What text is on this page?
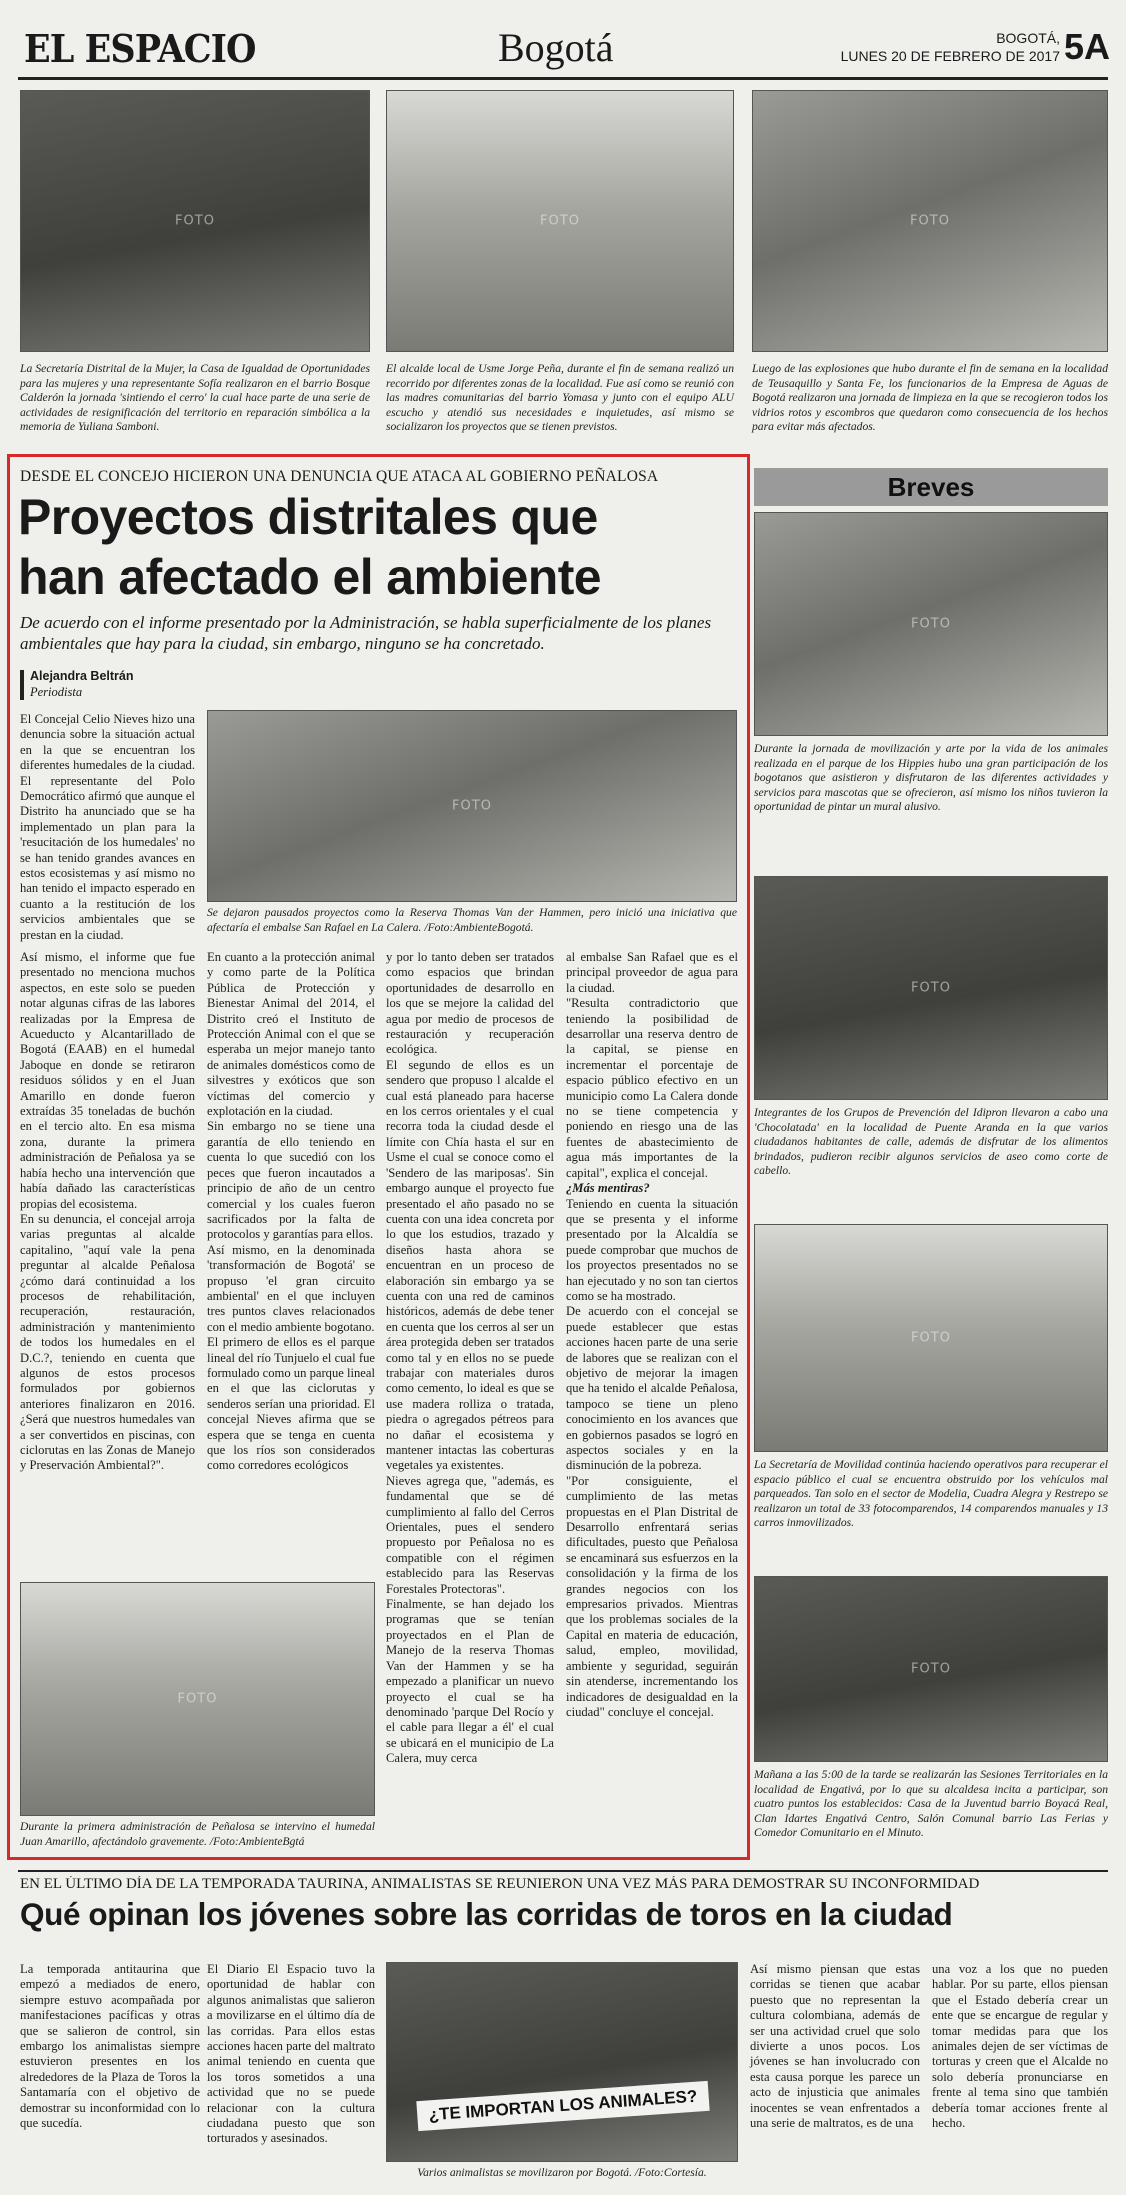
EL ESPACIO	Bogotá	BOGOTÁ,
LUNES 20 DE FEBRERO DE 2017 5A
FOTO	FOTO	FOTO
La Secretaría Distrital de la Mujer, la Casa de Igualdad de Oportunidades para las mujeres y una representante Sofía realizaron en el barrio Bosque Calderón la jornada 'sintiendo el cerro' la cual hace parte de una serie de actividades de resignificación del territorio en reparación simbólica a la memoria de Yuliana Samboni.
El alcalde local de Usme Jorge Peña, durante el fin de semana realizó un recorrido por diferentes zonas de la localidad. Fue así como se reunió con las madres comunitarias del barrio Yomasa y junto con el equipo ALU escucho y atendió sus necesidades e inquietudes, así mismo se socializaron los proyectos que se tienen previstos.
Luego de las explosiones que hubo durante el fin de semana en la localidad de Teusaquillo y Santa Fe, los funcionarios de la Empresa de Aguas de Bogotá realizaron una jornada de limpieza en la que se recogieron todos los vidrios rotos y escombros que quedaron como consecuencia de los hechos para evitar más afectados.
DESDE EL CONCEJO HICIERON UNA DENUNCIA QUE ATACA AL GOBIERNO PEÑALOSA
Proyectos distritales que
han afectado el ambiente
De acuerdo con el informe presentado por la Administración, se habla superficialmente de los planes ambientales que hay para la ciudad, sin embargo, ninguno se ha concretado.
Alejandra Beltrán
Periodista

El Concejal Celio Nieves hizo una denuncia sobre la situación actual en la que se encuentran los diferentes humedales de la ciudad. El representante del Polo Democrático afirmó que aunque el Distrito ha anunciado que se ha implementado un plan para la 'resucitación de los humedales' no se han tenido grandes avances en estos ecosistemas y así mismo no han tenido el impacto esperado en cuanto a la restitución de los servicios ambientales que se prestan en la ciudad.

FOTO
Se dejaron pausados proyectos como la Reserva Thomas Van der Hammen, pero inició una iniciativa que afectaría el embalse San Rafael en La Calera. /Foto:AmbienteBogotá.

Así mismo, el informe que fue presentado no menciona muchos aspectos, en este solo se pueden notar algunas cifras de las labores realizadas por la Empresa de Acueducto y Alcantarillado de Bogotá (EAAB) en el humedal Jaboque en donde se retiraron residuos sólidos y en el Juan Amarillo en donde fueron extraídas 35 toneladas de buchón en el tercio alto. En esa misma zona, durante la primera administración de Peñalosa ya se había hecho una intervención que había dañado las características propias del ecosistema.

En su denuncia, el concejal arroja varias preguntas al alcalde capitalino, "aquí vale la pena preguntar al alcalde Peñalosa ¿cómo dará continuidad a los procesos de rehabilitación, recuperación, restauración, administración y mantenimiento de todos los humedales en el D.C.?, teniendo en cuenta que algunos de estos procesos formulados por gobiernos anteriores finalizaron en 2016. ¿Será que nuestros humedales van a ser convertidos en piscinas, con ciclorutas en las Zonas de Manejo y Preservación Ambiental?".

En cuanto a la protección animal y como parte de la Política Pública de Protección y Bienestar Animal del 2014, el Distrito creó el Instituto de Protección Animal con el que se esperaba un mejor manejo tanto de animales domésticos como de silvestres y exóticos que son víctimas del comercio y explotación en la ciudad.

Sin embargo no se tiene una garantía de ello teniendo en cuenta lo que sucedió con los peces que fueron incautados a principio de año de un centro comercial y los cuales fueron sacrificados por la falta de protocolos y garantías para ellos.

Así mismo, en la denominada 'transformación de Bogotá' se propuso 'el gran circuito ambiental' en el que incluyen tres puntos claves relacionados con el medio ambiente bogotano.

El primero de ellos es el parque lineal del río Tunjuelo el cual fue formulado como un parque lineal en el que las ciclorutas y senderos serían una prioridad. El concejal Nieves afirma que se espera que se tenga en cuenta que los ríos son considerados como corredores ecológicos

y por lo tanto deben ser tratados como espacios que brindan oportunidades de desarrollo en los que se mejore la calidad del agua por medio de procesos de restauración y recuperación ecológica.

El segundo de ellos es un sendero que propuso l alcalde el cual está planeado para hacerse en los cerros orientales y el cual recorra toda la ciudad desde el límite con Chía hasta el sur en Usme el cual se conoce como el 'Sendero de las mariposas'. Sin embargo aunque el proyecto fue presentado el año pasado no se cuenta con una idea concreta por lo que los estudios, trazado y diseños hasta ahora se encuentran en un proceso de elaboración sin embargo ya se cuenta con una red de caminos históricos, además de debe tener en cuenta que los cerros al ser un área protegida deben ser tratados como tal y en ellos no se puede trabajar con materiales duros como cemento, lo ideal es que se use madera rolliza o tratada, piedra o agregados pétreos para no dañar el ecosistema y mantener intactas las coberturas vegetales ya existentes.

Nieves agrega que, "además, es fundamental que se dé cumplimiento al fallo del Cerros Orientales, pues el sendero propuesto por Peñalosa no es compatible con el régimen establecido para las Reservas Forestales Protectoras".

Finalmente, se han dejado los programas que se tenían proyectados en el Plan de Manejo de la reserva Thomas Van der Hammen y se ha empezado a planificar un nuevo proyecto el cual se ha denominado 'parque Del Rocío y el cable para llegar a él' el cual se ubicará en el municipio de La Calera, muy cerca

al embalse San Rafael que es el principal proveedor de agua para la ciudad.

"Resulta contradictorio que teniendo la posibilidad de desarrollar una reserva dentro de la capital, se piense en incrementar el porcentaje de espacio público efectivo en un municipio como La Calera donde no se tiene competencia y poniendo en riesgo una de las fuentes de abastecimiento de agua más importantes de la capital", explica el concejal.

¿Más mentiras?

Teniendo en cuenta la situación que se presenta y el informe presentado por la Alcaldía se puede comprobar que muchos de los proyectos presentados no se han ejecutado y no son tan ciertos como se ha mostrado.

De acuerdo con el concejal se puede establecer que estas acciones hacen parte de una serie de labores que se realizan con el objetivo de mejorar la imagen que ha tenido el alcalde Peñalosa, tampoco se tiene un pleno conocimiento en los avances que en gobiernos pasados se logró en aspectos sociales y en la disminución de la pobreza.

"Por consiguiente, el cumplimiento de las metas propuestas en el Plan Distrital de Desarrollo enfrentará serias dificultades, puesto que Peñalosa se encaminará sus esfuerzos en la consolidación y la firma de los grandes negocios con los empresarios privados. Mientras que los problemas sociales de la Capital en materia de educación, salud, empleo, movilidad, ambiente y seguridad, seguirán sin atenderse, incrementando los indicadores de desigualdad en la ciudad" concluye el concejal.

FOTO
Durante la primera administración de Peñalosa se intervino el humedal Juan Amarillo, afectándolo gravemente. /Foto:AmbienteBgtá
Breves
FOTO
Durante la jornada de movilización y arte por la vida de los animales realizada en el parque de los Hippies hubo una gran participación de los bogotanos que asistieron y disfrutaron de las diferentes actividades y servicios para mascotas que se ofrecieron, así mismo los niños tuvieron la oportunidad de pintar un mural alusivo.
FOTO
Integrantes de los Grupos de Prevención del Idipron llevaron a cabo una 'Chocolatada' en la localidad de Puente Aranda en la que varios ciudadanos habitantes de calle, además de disfrutar de los alimentos brindados, pudieron recibir algunos servicios de aseo como corte de cabello.
FOTO
La Secretaría de Movilidad continúa haciendo operativos para recuperar el espacio público el cual se encuentra obstruido por los vehículos mal parqueados. Tan solo en el sector de Modelia, Cuadra Alegra y Restrepo se realizaron un total de 33 fotocomparendos, 14 comparendos manuales y 13 carros inmovilizados.
FOTO
Mañana a las 5:00 de la tarde se realizarán las Sesiones Territoriales en la localidad de Engativá, por lo que su alcaldesa incita a participar, son cuatro puntos los establecidos: Casa de la Juventud barrio Boyacá Real, Clan Idartes Engativá Centro, Salón Comunal barrio Las Ferias y Comedor Comunitario en el Minuto.
EN EL ÚLTIMO DÍA DE LA TEMPORADA TAURINA, ANIMALISTAS SE REUNIERON UNA VEZ MÁS PARA DEMOSTRAR SU INCONFORMIDAD
Qué opinan los jóvenes sobre las corridas de toros en la ciudad
La temporada antitaurina que empezó a mediados de enero, siempre estuvo acompañada por manifestaciones pacíficas y otras que se salieron de control, sin embargo los animalistas siempre estuvieron presentes en los alrededores de la Plaza de Toros la Santamaría con el objetivo de demostrar su inconformidad con lo que sucedía.
El Diario El Espacio tuvo la oportunidad de hablar con algunos animalistas que salieron a movilizarse en el último día de las corridas. Para ellos estas acciones hacen parte del maltrato animal teniendo en cuenta que los toros sometidos a una actividad que no se puede relacionar con la cultura ciudadana puesto que son torturados y asesinados.
¿TE IMPORTAN LOS ANIMALES?
Varios animalistas se movilizaron por Bogotá. /Foto:Cortesía.
Así mismo piensan que estas corridas se tienen que acabar puesto que no representan la cultura colombiana, además de ser una actividad cruel que solo divierte a unos pocos. Los jóvenes se han involucrado con esta causa porque les parece un acto de injusticia que animales inocentes se vean enfrentados a una serie de maltratos, es de una
una voz a los que no pueden hablar. Por su parte, ellos piensan que el Estado debería crear un ente que se encargue de regular y tomar medidas para que los animales dejen de ser víctimas de torturas y creen que el Alcalde no solo debería pronunciarse en frente al tema sino que también debería tomar acciones frente al hecho.
